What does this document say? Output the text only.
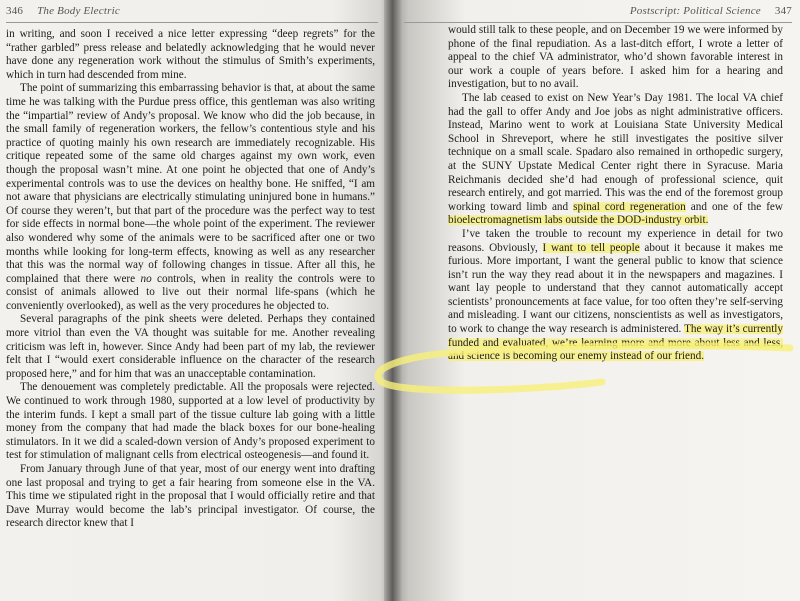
346 The Body Electric

in writing, and soon I received a nice letter expressing “deep regrets” for the “rather garbled” press release and belatedly acknowledging that he would never have done any regeneration work without the stimulus of Smith’s experiments, which in turn had descended from mine.

The point of summarizing this embarrassing behavior is that, at about the same time he was talking with the Purdue press office, this gentleman was also writing the “impartial” review of Andy’s proposal. We know who did the job because, in the small family of regeneration workers, the fellow’s contentious style and his practice of quoting mainly his own research are immediately recognizable. His critique repeated some of the same old charges against my own work, even though the proposal wasn’t mine. At one point he objected that one of Andy’s experimental controls was to use the devices on healthy bone. He sniffed, “I am not aware that physicians are electrically stimulating uninjured bone in humans.” Of course they weren’t, but that part of the procedure was the perfect way to test for side effects in normal bone—the whole point of the experiment. The reviewer also wondered why some of the animals were to be sacrificed after one or two months while looking for long-term effects, knowing as well as any researcher that this was the normal way of following changes in tissue. After all this, he complained that there were no controls, when in reality the controls were to consist of animals allowed to live out their normal life-spans (which he conveniently overlooked), as well as the very procedures he objected to.

Several paragraphs of the pink sheets were deleted. Perhaps they contained more vitriol than even the VA thought was suitable for me. Another revealing criticism was left in, however. Since Andy had been part of my lab, the reviewer felt that I “would exert considerable influence on the character of the research proposed here,” and for him that was an unacceptable contamination.

The denouement was completely predictable. All the proposals were rejected. We continued to work through 1980, supported at a low level of productivity by the interim funds. I kept a small part of the tissue culture lab going with a little money from the company that had made the black boxes for our bone-healing stimulators. In it we did a scaled-down version of Andy’s proposed experiment to test for stimulation of malignant cells from electrical osteogenesis—and found it.

From January through June of that year, most of our energy went into drafting one last proposal and trying to get a fair hearing from someone else in the VA. This time we stipulated right in the proposal that I would officially retire and that Dave Murray would become the lab’s principal investigator. Of course, the research director knew that I

Postscript: Political Science 347

would still talk to these people, and on December 19 we were informed by phone of the final repudiation. As a last-ditch effort, I wrote a letter of appeal to the chief VA administrator, who’d shown favorable interest in our work a couple of years before. I asked him for a hearing and investigation, but to no avail.

The lab ceased to exist on New Year’s Day 1981. The local VA chief had the gall to offer Andy and Joe jobs as night administrative officers. Instead, Marino went to work at Louisiana State University Medical School in Shreveport, where he still investigates the positive silver technique on a small scale. Spadaro also remained in orthopedic surgery, at the SUNY Upstate Medical Center right there in Syracuse. Maria Reichmanis decided she’d had enough of professional science, quit research entirely, and got married. This was the end of the foremost group working toward limb and spinal cord regeneration and one of the few bioelectromagnetism labs outside the DOD-industry orbit.

I’ve taken the trouble to recount my experience in detail for two reasons. Obviously, I want to tell people about it because it makes me furious. More important, I want the general public to know that science isn’t run the way they read about it in the newspapers and magazines. I want lay people to understand that they cannot automatically accept scientists’ pronouncements at face value, for too often they’re self-serving and misleading. I want our citizens, nonscientists as well as investigators, to work to change the way research is administered. The way it’s currently funded and evaluated, we’re learning more and more about less and less, and science is becoming our enemy instead of our friend.
